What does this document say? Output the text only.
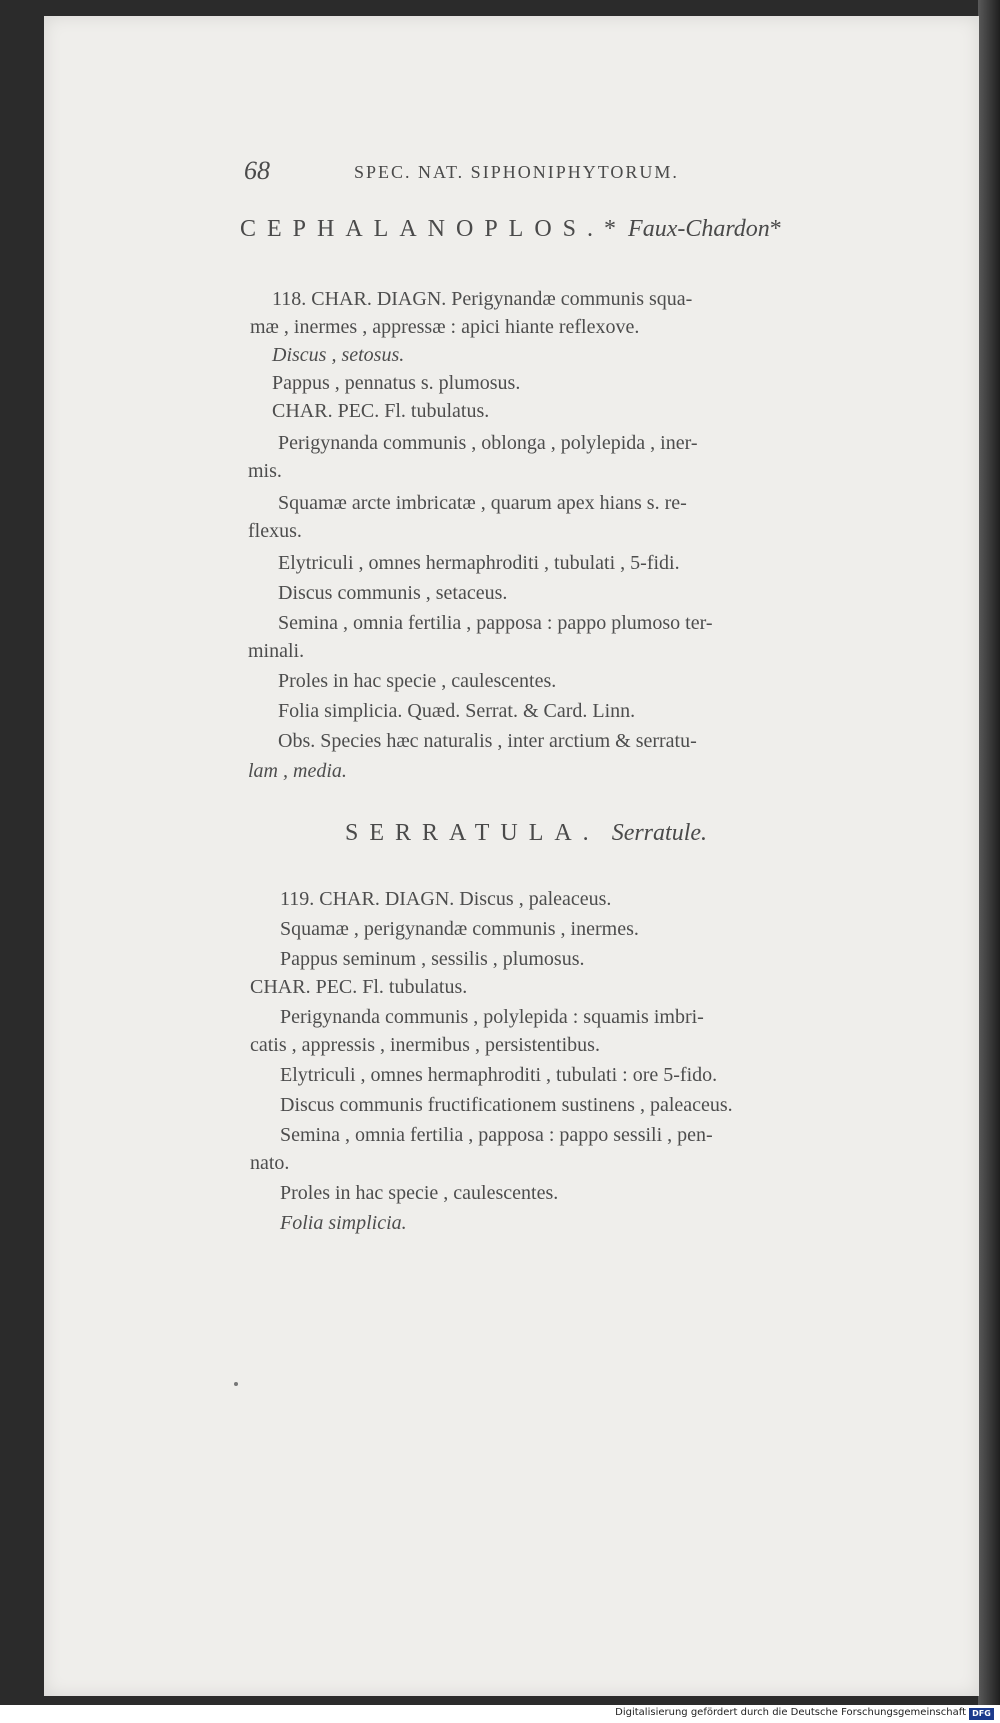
68	SPEC. NAT. SIPHONIPHYTORUM.
CEPHALANOPLOS.*  Faux-Chardon*
118. CHAR. DIAGN. Perigynandæ communis squa-
mæ , inermes , appressæ : apici hiante reflexove.
Discus , setosus.
Pappus , pennatus s. plumosus.
CHAR. PEC. Fl. tubulatus.
Perigynanda communis , oblonga , polylepida , iner-
mis.
Squamæ arcte imbricatæ , quarum apex hians s. re-
flexus.
Elytriculi , omnes hermaphroditi , tubulati , 5-fidi.
Discus communis , setaceus.
Semina , omnia fertilia , papposa : pappo plumoso ter-
minali.
Proles in hac specie , caulescentes.
Folia simplicia. Quæd. Serrat. & Card. Linn.
Obs. Species hæc naturalis , inter arctium & serratu-
lam , media.
SERRATULA. Serratule.
119. CHAR. DIAGN. Discus , paleaceus.
Squamæ , perigynandæ communis , inermes.
Pappus seminum , sessilis , plumosus.
CHAR. PEC. Fl. tubulatus.
Perigynanda communis , polylepida : squamis imbri-
catis , appressis , inermibus , persistentibus.
Elytriculi , omnes hermaphroditi , tubulati : ore 5-fido.
Discus communis fructificationem sustinens , paleaceus.
Semina , omnia fertilia , papposa : pappo sessili , pen-
nato.
Proles in hac specie , caulescentes.
Folia simplicia.
Digitalisierung gefördert durch die Deutsche Forschungsgemeinschaft DFG
